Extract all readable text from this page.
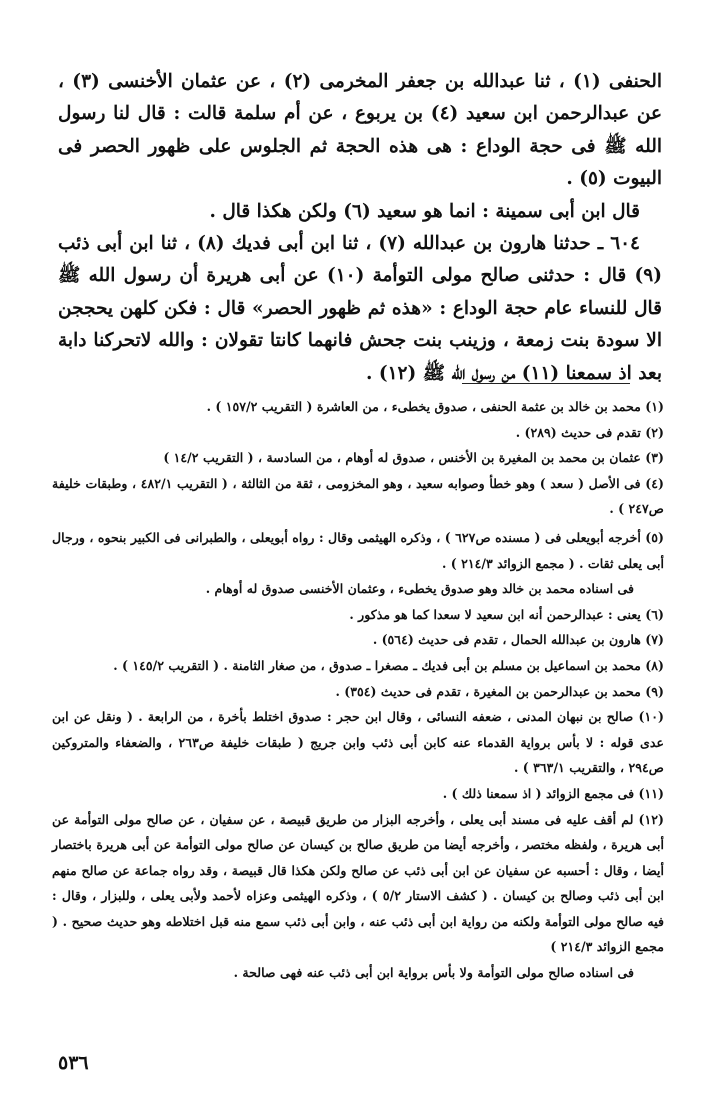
الحنفى (١) ، ثنا عبدالله بن جعفر المخرمى (٢) ، عن عثمان الأخنسى (٣) ، عن عبدالرحمن ابن سعيد (٤) بن يربوع ، عن أم سلمة قالت : قال لنا رسول الله ﷺ فى حجة الوداع : هى هذه الحجة ثم الجلوس على ظهور الحصر فى البيوت (٥) .

قال ابن أبى سمينة : انما هو سعيد (٦) ولكن هكذا قال .

٦٠٤ ـ حدثنا هارون بن عبدالله (٧) ، ثنا ابن أبى فديك (٨) ، ثنا ابن أبى ذئب (٩) قال : حدثنى صالح مولى التوأمة (١٠) عن أبى هريرة أن رسول الله ﷺ قال للنساء عام حجة الوداع : «هذه ثم ظهور الحصر» قال : فكن كلهن يحججن الا سودة بنت زمعة ، وزينب بنت جحش فانهما كانتا تقولان : والله لاتحركنا دابة بعد اذ سمعنا (١١) من رسول الله ﷺ (١٢) .

(١) محمد بن خالد بن عثمة الحنفى ، صدوق يخطىء ، من العاشرة ( التقريب ١٥٧/٢ ) .

(٢) تقدم فى حديث (٢٨٩) .

(٣) عثمان بن محمد بن المغيرة بن الأخنس ، صدوق له أوهام ، من السادسة ، ( التقريب ١٤/٢ )

(٤) فى الأصل ( سعد ) وهو خطأ وصوابه سعيد ، وهو المخزومى ، ثقة من الثالثة ، ( التقريب ٤٨٢/١ ، وطبقات خليفة ص٢٤٧ ) .

(٥) أخرجه أبويعلى فى ( مسنده ص٦٢٧ ) ، وذكره الهيثمى وقال : رواه أبويعلى ، والطبرانى فى الكبير بنحوه ، ورجال أبى يعلى ثقات . ( مجمع الزوائد ٢١٤/٣ ) .

فى اسناده محمد بن خالد وهو صدوق يخطىء ، وعثمان الأخنسى صدوق له أوهام .

(٦) يعنى : عبدالرحمن أنه ابن سعيد لا سعدا كما هو مذكور .

(٧) هارون بن عبدالله الحمال ، تقدم فى حديث (٥٦٤) .

(٨) محمد بن اسماعيل بن مسلم بن أبى فديك ـ مصغرا ـ صدوق ، من صغار الثامنة . ( التقريب ١٤٥/٢ ) .

(٩) محمد بن عبدالرحمن بن المغيرة ، تقدم فى حديث (٣٥٤) .

(١٠) صالح بن نبهان المدنى ، ضعفه النسائى ، وقال ابن حجر : صدوق اختلط بأخرة ، من الرابعة . ( ونقل عن ابن عدى قوله : لا بأس برواية القدماء عنه كابن أبى ذئب وابن جريج ( طبقات خليفة ص٢٦٣ ، والضعفاء والمتروكين ص٢٩٤ ، والتقريب ٣٦٣/١ ) .

(١١) فى مجمع الزوائد ( اذ سمعنا ذلك ) .

(١٢) لم أقف عليه فى مسند أبى يعلى ، وأخرجه البزار من طريق قبيصة ، عن سفيان ، عن صالح مولى التوأمة عن أبى هريرة ، ولفظه مختصر ، وأخرجه أيضا من طريق صالح بن كيسان عن صالح مولى التوأمة عن أبى هريرة باختصار أيضا ، وقال : أحسبه عن سفيان عن ابن أبى ذئب عن صالح ولكن هكذا قال قبيصة ، وقد رواه جماعة عن صالح منهم ابن أبى ذئب وصالح بن كيسان . ( كشف الاستار ٥/٢ ) ، وذكره الهيثمى وعزاه لأحمد ولأبى يعلى ، وللبزار ، وقال : فيه صالح مولى التوأمة ولكنه من رواية ابن أبى ذئب عنه ، وابن أبى ذئب سمع منه قبل اختلاطه وهو حديث صحيح . ( مجمع الزوائد ٢١٤/٣ )

فى اسناده صالح مولى التوأمة ولا بأس برواية ابن أبى ذئب عنه فهى صالحة .

٥٣٦
